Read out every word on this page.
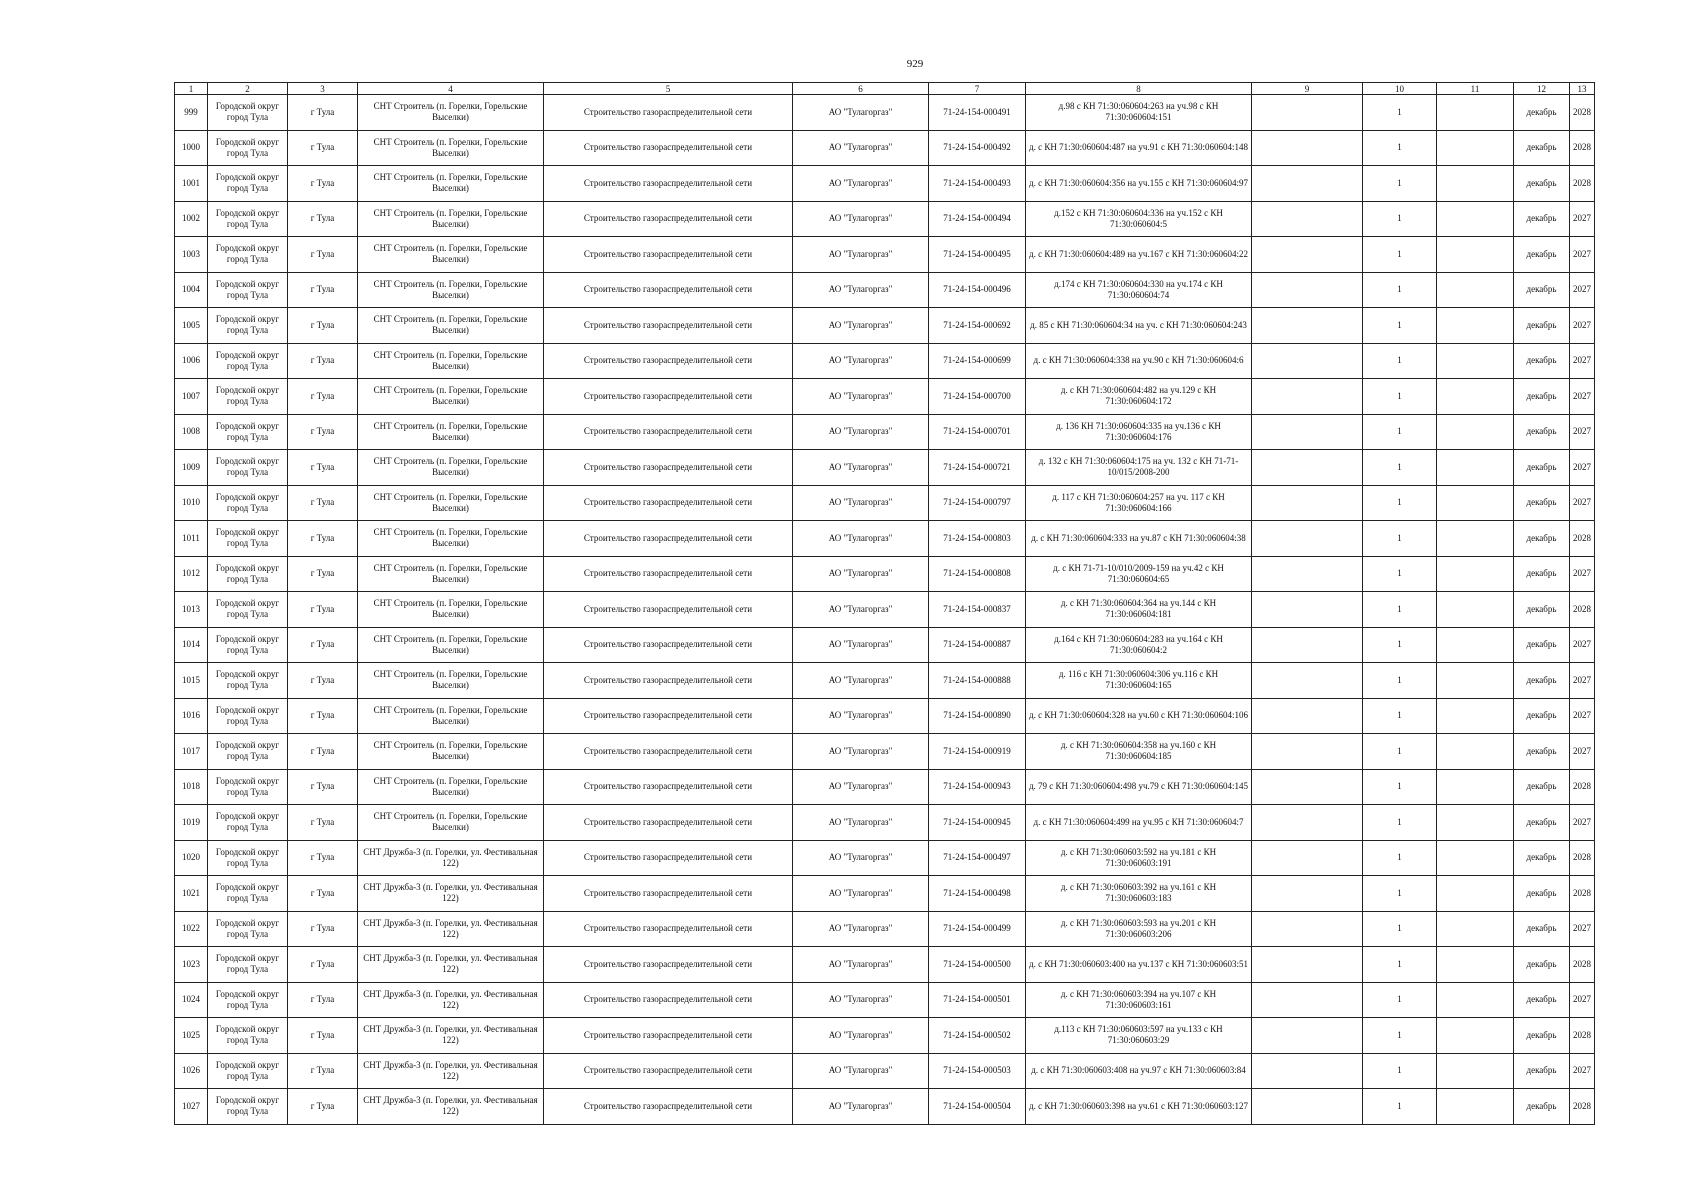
929
1	2	3	4	5	6	7	8	9	10	11	12	13
999	Городской округ город Тула	г Тула	СНТ Строитель (п. Горелки, Горельские Выселки)	Строительство газораспределительной сети	АО "Тулагоргаз"	71-24-154-000491	д.98 с КН 71:30:060604:263 на уч.98 с КН 71:30:060604:151		1		декабрь	2028
1000	Городской округ город Тула	г Тула	СНТ Строитель (п. Горелки, Горельские Выселки)	Строительство газораспределительной сети	АО "Тулагоргаз"	71-24-154-000492	д. с КН 71:30:060604:487 на уч.91 с КН 71:30:060604:148		1		декабрь	2028
1001	Городской округ город Тула	г Тула	СНТ Строитель (п. Горелки, Горельские Выселки)	Строительство газораспределительной сети	АО "Тулагоргаз"	71-24-154-000493	д. с КН 71:30:060604:356 на уч.155 с КН 71:30:060604:97		1		декабрь	2028
1002	Городской округ город Тула	г Тула	СНТ Строитель (п. Горелки, Горельские Выселки)	Строительство газораспределительной сети	АО "Тулагоргаз"	71-24-154-000494	д.152 с КН 71:30:060604:336 на уч.152 с КН 71:30:060604:5		1		декабрь	2027
1003	Городской округ город Тула	г Тула	СНТ Строитель (п. Горелки, Горельские Выселки)	Строительство газораспределительной сети	АО "Тулагоргаз"	71-24-154-000495	д. с КН 71:30:060604:489 на уч.167 с КН 71:30:060604:22		1		декабрь	2027
1004	Городской округ город Тула	г Тула	СНТ Строитель (п. Горелки, Горельские Выселки)	Строительство газораспределительной сети	АО "Тулагоргаз"	71-24-154-000496	д.174 с КН 71:30:060604:330 на уч.174 с КН 71:30:060604:74		1		декабрь	2027
1005	Городской округ город Тула	г Тула	СНТ Строитель (п. Горелки, Горельские Выселки)	Строительство газораспределительной сети	АО "Тулагоргаз"	71-24-154-000692	д. 85 с КН 71:30:060604:34 на уч. с КН 71:30:060604:243		1		декабрь	2027
1006	Городской округ город Тула	г Тула	СНТ Строитель (п. Горелки, Горельские Выселки)	Строительство газораспределительной сети	АО "Тулагоргаз"	71-24-154-000699	д. с КН 71:30:060604:338 на уч.90 с КН 71:30:060604:6		1		декабрь	2027
1007	Городской округ город Тула	г Тула	СНТ Строитель (п. Горелки, Горельские Выселки)	Строительство газораспределительной сети	АО "Тулагоргаз"	71-24-154-000700	д. с КН 71:30:060604:482 на уч.129 с КН 71:30:060604:172		1		декабрь	2027
1008	Городской округ город Тула	г Тула	СНТ Строитель (п. Горелки, Горельские Выселки)	Строительство газораспределительной сети	АО "Тулагоргаз"	71-24-154-000701	д. 136 КН 71:30:060604:335 на уч.136 с КН 71:30:060604:176		1		декабрь	2027
1009	Городской округ город Тула	г Тула	СНТ Строитель (п. Горелки, Горельские Выселки)	Строительство газораспределительной сети	АО "Тулагоргаз"	71-24-154-000721	д. 132 с КН 71:30:060604:175 на уч. 132 с КН 71-71-10/015/2008-200		1		декабрь	2027
1010	Городской округ город Тула	г Тула	СНТ Строитель (п. Горелки, Горельские Выселки)	Строительство газораспределительной сети	АО "Тулагоргаз"	71-24-154-000797	д. 117 с КН 71:30:060604:257 на уч. 117 с КН 71:30:060604:166		1		декабрь	2027
1011	Городской округ город Тула	г Тула	СНТ Строитель (п. Горелки, Горельские Выселки)	Строительство газораспределительной сети	АО "Тулагоргаз"	71-24-154-000803	д. с КН 71:30:060604:333 на уч.87 с КН 71:30:060604:38		1		декабрь	2028
1012	Городской округ город Тула	г Тула	СНТ Строитель (п. Горелки, Горельские Выселки)	Строительство газораспределительной сети	АО "Тулагоргаз"	71-24-154-000808	д. с КН 71-71-10/010/2009-159 на уч.42 с КН 71:30:060604:65		1		декабрь	2027
1013	Городской округ город Тула	г Тула	СНТ Строитель (п. Горелки, Горельские Выселки)	Строительство газораспределительной сети	АО "Тулагоргаз"	71-24-154-000837	д. с КН 71:30:060604:364 на уч.144 с КН 71:30:060604:181		1		декабрь	2028
1014	Городской округ город Тула	г Тула	СНТ Строитель (п. Горелки, Горельские Выселки)	Строительство газораспределительной сети	АО "Тулагоргаз"	71-24-154-000887	д.164 с КН 71:30:060604:283 на уч.164 с КН 71:30:060604:2		1		декабрь	2027
1015	Городской округ город Тула	г Тула	СНТ Строитель (п. Горелки, Горельские Выселки)	Строительство газораспределительной сети	АО "Тулагоргаз"	71-24-154-000888	д. 116 с КН 71:30:060604:306 уч.116 с КН 71:30:060604:165		1		декабрь	2027
1016	Городской округ город Тула	г Тула	СНТ Строитель (п. Горелки, Горельские Выселки)	Строительство газораспределительной сети	АО "Тулагоргаз"	71-24-154-000890	д. с КН 71:30:060604:328 на уч.60 с КН 71:30:060604:106		1		декабрь	2027
1017	Городской округ город Тула	г Тула	СНТ Строитель (п. Горелки, Горельские Выселки)	Строительство газораспределительной сети	АО "Тулагоргаз"	71-24-154-000919	д. с КН 71:30:060604:358 на уч.160 с КН 71:30:060604:185		1		декабрь	2027
1018	Городской округ город Тула	г Тула	СНТ Строитель (п. Горелки, Горельские Выселки)	Строительство газораспределительной сети	АО "Тулагоргаз"	71-24-154-000943	д. 79 с КН 71:30:060604:498 уч.79 с КН 71:30:060604:145		1		декабрь	2028
1019	Городской округ город Тула	г Тула	СНТ Строитель (п. Горелки, Горельские Выселки)	Строительство газораспределительной сети	АО "Тулагоргаз"	71-24-154-000945	д. с КН 71:30:060604:499 на уч.95 с КН 71:30:060604:7		1		декабрь	2027
1020	Городской округ город Тула	г Тула	СНТ Дружба-3 (п. Горелки, ул. Фестивальная 122)	Строительство газораспределительной сети	АО "Тулагоргаз"	71-24-154-000497	д. с КН 71:30:060603:592 на уч.181 с КН 71:30:060603:191		1		декабрь	2028
1021	Городской округ город Тула	г Тула	СНТ Дружба-3 (п. Горелки, ул. Фестивальная 122)	Строительство газораспределительной сети	АО "Тулагоргаз"	71-24-154-000498	д. с КН 71:30:060603:392 на уч.161 с КН 71:30:060603:183		1		декабрь	2028
1022	Городской округ город Тула	г Тула	СНТ Дружба-3 (п. Горелки, ул. Фестивальная 122)	Строительство газораспределительной сети	АО "Тулагоргаз"	71-24-154-000499	д. с КН 71:30:060603:593 на уч.201 с КН 71:30:060603:206		1		декабрь	2027
1023	Городской округ город Тула	г Тула	СНТ Дружба-3 (п. Горелки, ул. Фестивальная 122)	Строительство газораспределительной сети	АО "Тулагоргаз"	71-24-154-000500	д. с КН 71:30:060603:400 на уч.137 с КН 71:30:060603:51		1		декабрь	2028
1024	Городской округ город Тула	г Тула	СНТ Дружба-3 (п. Горелки, ул. Фестивальная 122)	Строительство газораспределительной сети	АО "Тулагоргаз"	71-24-154-000501	д. с КН 71:30:060603:394 на уч.107 с КН 71:30:060603:161		1		декабрь	2027
1025	Городской округ город Тула	г Тула	СНТ Дружба-3 (п. Горелки, ул. Фестивальная 122)	Строительство газораспределительной сети	АО "Тулагоргаз"	71-24-154-000502	д.113 с КН 71:30:060603:597 на уч.133 с КН 71:30:060603:29		1		декабрь	2028
1026	Городской округ город Тула	г Тула	СНТ Дружба-3 (п. Горелки, ул. Фестивальная 122)	Строительство газораспределительной сети	АО "Тулагоргаз"	71-24-154-000503	д. с КН 71:30:060603:408 на уч.97 с КН 71:30:060603:84		1		декабрь	2027
1027	Городской округ город Тула	г Тула	СНТ Дружба-3 (п. Горелки, ул. Фестивальная 122)	Строительство газораспределительной сети	АО "Тулагоргаз"	71-24-154-000504	д. с КН 71:30:060603:398 на уч.61 с КН 71:30:060603:127		1		декабрь	2028
